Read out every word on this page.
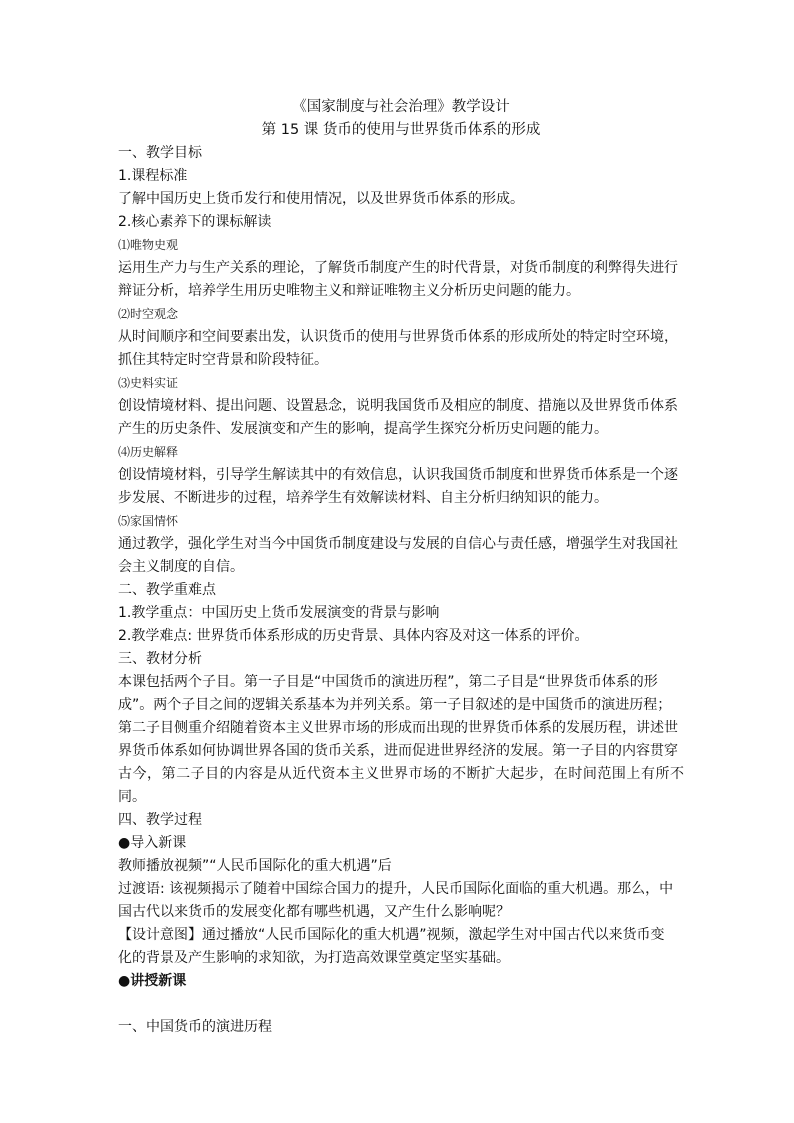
《国家制度与社会治理》教学设计

第 15 课 货币的使用与世界货币体系的形成

一、教学目标

1.课程标准

了解中国历史上货币发行和使用情况，以及世界货币体系的形成。

2.核心素养下的课标解读

⑴唯物史观

运用生产力与生产关系的理论，了解货币制度产生的时代背景，对货币制度的利弊得失进行

辩证分析，培养学生用历史唯物主义和辩证唯物主义分析历史问题的能力。

⑵时空观念

从时间顺序和空间要素出发，认识货币的使用与世界货币体系的形成所处的特定时空环境，

抓住其特定时空背景和阶段特征。

⑶史料实证

创设情境材料、提出问题、设置悬念，说明我国货币及相应的制度、措施以及世界货币体系

产生的历史条件、发展演变和产生的影响，提高学生探究分析历史问题的能力。

⑷历史解释

创设情境材料，引导学生解读其中的有效信息，认识我国货币制度和世界货币体系是一个逐

步发展、不断进步的过程，培养学生有效解读材料、自主分析归纳知识的能力。

⑸家国情怀

通过教学，强化学生对当今中国货币制度建设与发展的自信心与责任感，增强学生对我国社

会主义制度的自信。

二、教学重难点

1.教学重点：中国历史上货币发展演变的背景与影响

2.教学难点: 世界货币体系形成的历史背景、具体内容及对这一体系的评价。

三、教材分析

本课包括两个子目。第一子目是“中国货币的演进历程”，第二子目是“世界货币体系的形

成”。两个子目之间的逻辑关系基本为并列关系。第一子目叙述的是中国货币的演进历程；

第二子目侧重介绍随着资本主义世界市场的形成而出现的世界货币体系的发展历程，讲述世

界货币体系如何协调世界各国的货币关系，进而促进世界经济的发展。第一子目的内容贯穿

古今，第二子目的内容是从近代资本主义世界市场的不断扩大起步，在时间范围上有所不同。

四、教学过程

●导入新课

教师播放视频”“人民币国际化的重大机遇”后

过渡语: 该视频揭示了随着中国综合国力的提升，人民币国际化面临的重大机遇。那么，中

国古代以来货币的发展变化都有哪些机遇，又产生什么影响呢？

【设计意图】通过播放“人民币国际化的重大机遇”视频，激起学生对中国古代以来货币变

化的背景及产生影响的求知欲，为打造高效课堂奠定坚实基础。

●讲授新课

一、中国货币的演进历程
